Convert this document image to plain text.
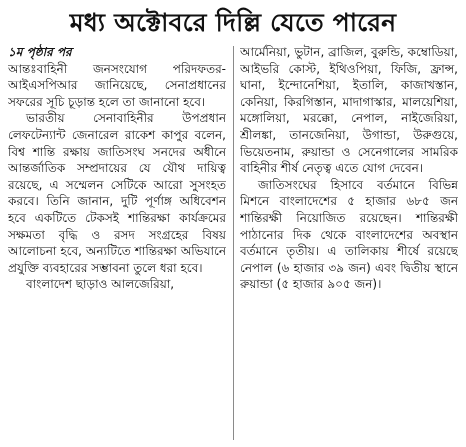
মধ্য অক্টোবরে দিল্লি যেতে পারেন

১ম পৃষ্ঠার পর

আন্তঃবাহিনী জনসংযোগ পরিদফতর-আইএসপিআর জানিয়েছে, সেনাপ্রধানের সফরের সূচি চূড়ান্ত হলে তা জানানো হবে।

ভারতীয় সেনাবাহিনীর উপপ্রধান লেফটেন্যান্ট জেনারেল রাকেশ কাপুর বলেন, বিশ্ব শান্তি রক্ষায় জাতিসংঘ সনদের অধীনে আন্তর্জাতিক সম্প্রদায়ের যে যৌথ দায়িত্ব রয়েছে, এ সম্মেলন সেটিকে আরো সুসংহত করবে। তিনি জানান, দুটি পূর্ণাঙ্গ অধিবেশন হবে একটিতে টেকসই শান্তিরক্ষা কার্যক্রমের সক্ষমতা বৃদ্ধি ও রসদ সংগ্রহের বিষয় আলোচনা হবে, অন্যটিতে শান্তিরক্ষা অভিযানে প্রযুক্তি ব্যবহারের সম্ভাবনা তুলে ধরা হবে।

বাংলাদেশ ছাড়াও আলজেরিয়া,

আর্মেনিয়া, ভুটান, ব্রাজিল, বুরুন্ডি, কম্বোডিয়া, আইভরি কোস্ট, ইথিওপিয়া, ফিজি, ফ্রান্স, ঘানা, ইন্দোনেশিয়া, ইতালি, কাজাখস্তান, কেনিয়া, কিরগিস্তান, মাদাগাস্কার, মালয়েশিয়া, মঙ্গোলিয়া, মরক্কো, নেপাল, নাইজেরিয়া, শ্রীলঙ্কা, তানজেনিয়া, উগান্ডা, উরুগুয়ে, ভিয়েতনাম, রুয়ান্ডা ও সেনেগালের সামরিক বাহিনীর শীর্ষ নেতৃত্ব এতে যোগ দেবেন।

জাতিসংঘের হিসাবে বর্তমানে বিভিন্ন মিশনে বাংলাদেশের ৫ হাজার ৬৮৫ জন শান্তিরক্ষী নিয়োজিত রয়েছেন। শান্তিরক্ষী পাঠানোর দিক থেকে বাংলাদেশের অবস্থান বর্তমানে তৃতীয়। এ তালিকায় শীর্ষে রয়েছে নেপাল (৬ হাজার ৩৯ জন) এবং দ্বিতীয় স্থানে রুয়ান্ডা (৫ হাজার ৯০৫ জন)।
